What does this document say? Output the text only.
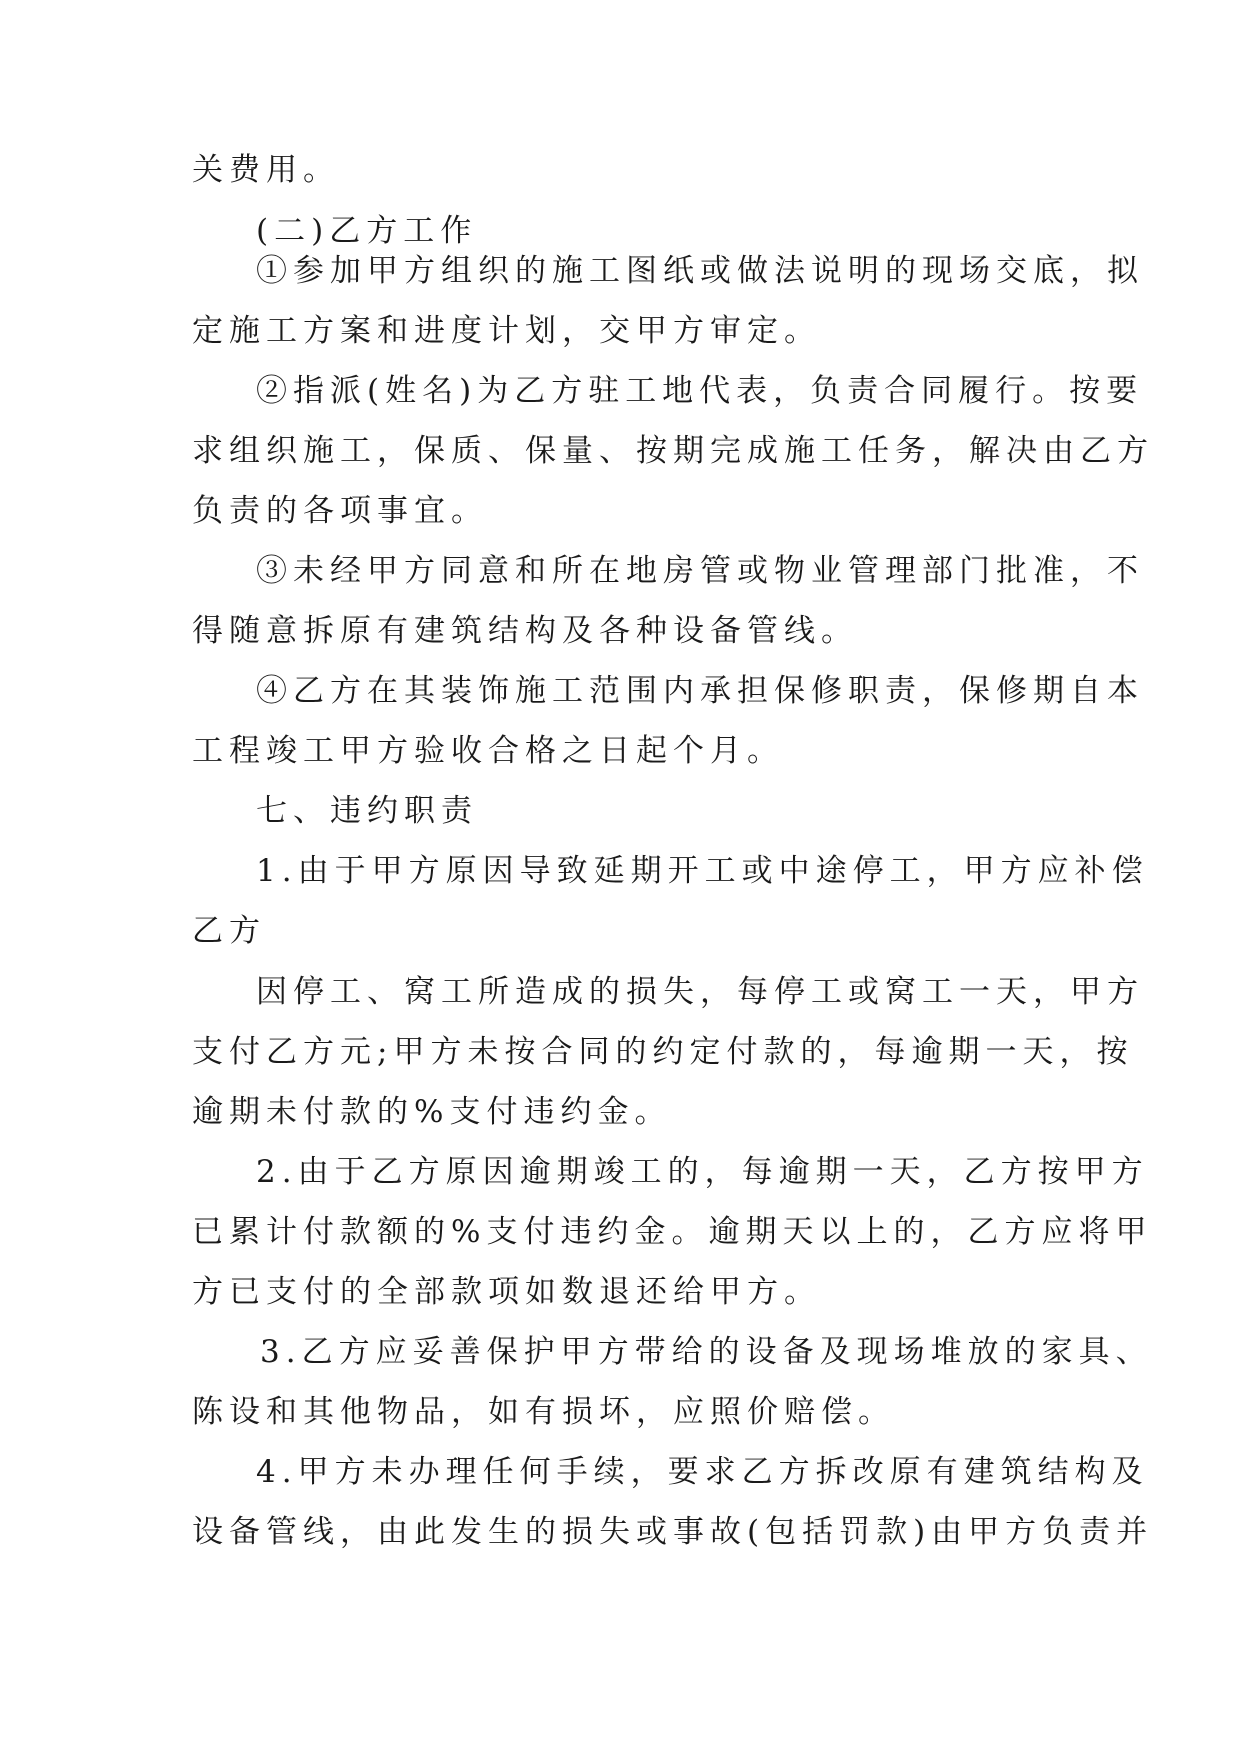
关费用。
(二)乙方工作
①参加甲方组织的施工图纸或做法说明的现场交底，拟
定施工方案和进度计划，交甲方审定。
②指派(姓名)为乙方驻工地代表，负责合同履行。按要
求组织施工，保质、保量、按期完成施工任务，解决由乙方
负责的各项事宜。
③未经甲方同意和所在地房管或物业管理部门批准，不
得随意拆原有建筑结构及各种设备管线。
④乙方在其装饰施工范围内承担保修职责，保修期自本
工程竣工甲方验收合格之日起个月。
七、违约职责
1.由于甲方原因导致延期开工或中途停工，甲方应补偿
乙方
因停工、窝工所造成的损失，每停工或窝工一天，甲方
支付乙方元;甲方未按合同的约定付款的，每逾期一天，按
逾期未付款的%支付违约金。
2.由于乙方原因逾期竣工的，每逾期一天，乙方按甲方
已累计付款额的%支付违约金。逾期天以上的，乙方应将甲
方已支付的全部款项如数退还给甲方。
3.乙方应妥善保护甲方带给的设备及现场堆放的家具、
陈设和其他物品，如有损坏，应照价赔偿。
4.甲方未办理任何手续，要求乙方拆改原有建筑结构及
设备管线，由此发生的损失或事故(包括罚款)由甲方负责并
